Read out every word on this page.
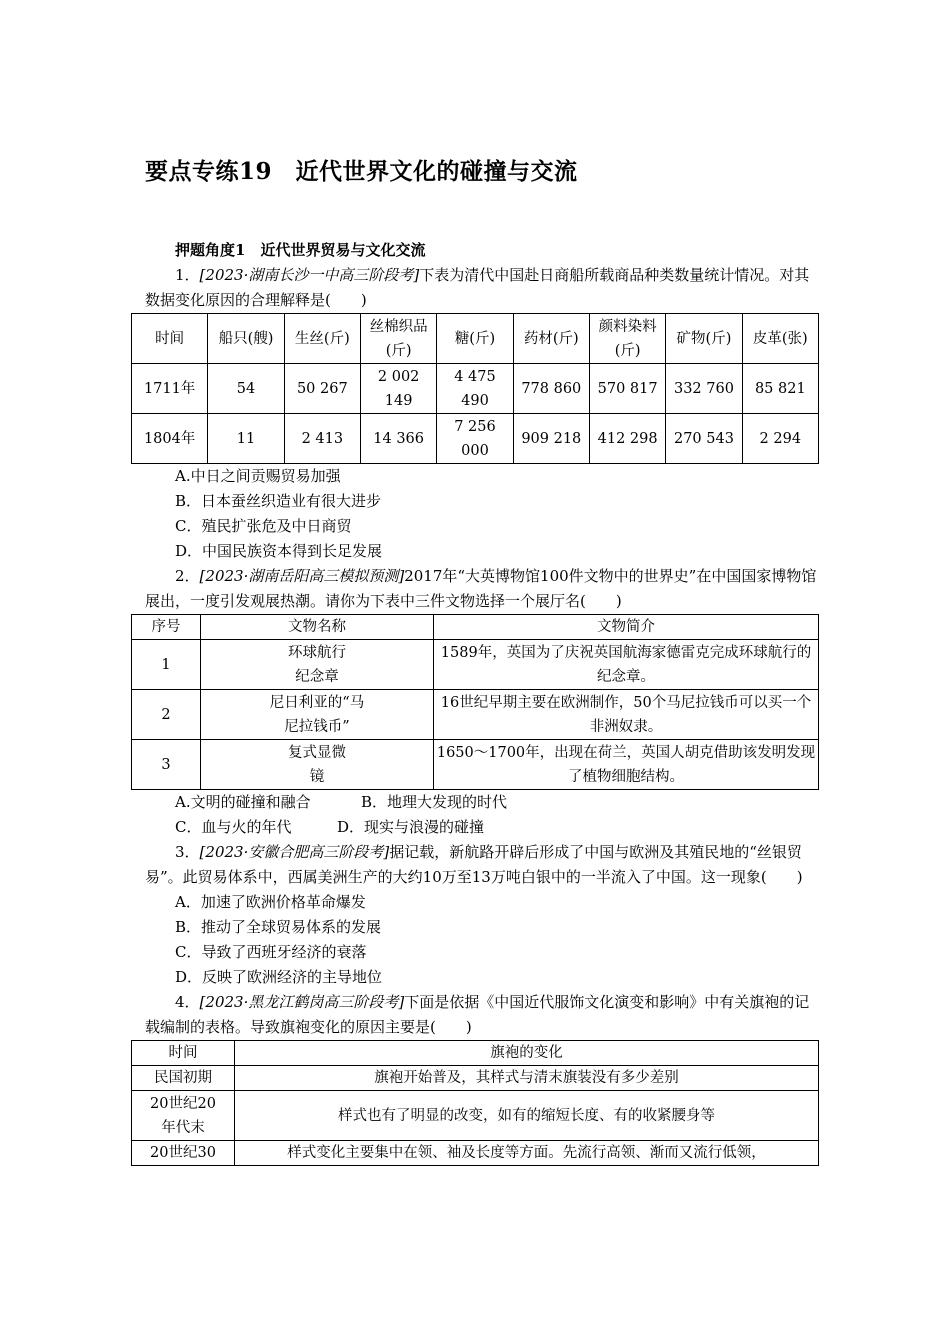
要点专练19　近代世界文化的碰撞与交流
押题角度1　近代世界贸易与文化交流

1．[2023·湖南长沙一中高三阶段考]下表为清代中国赴日商船所载商品种类数量统计情况。对其数据变化原因的合理解释是(　　)

时间	船只(艘)	生丝(斤)	丝棉织品(斤)	糖(斤)	药材(斤)	颜料染料(斤)	矿物(斤)	皮革(张)
1711年	54	50 267	2 002 149	4 475 490	778 860	570 817	332 760	85 821
1804年	11	2 413	14 366	7 256 000	909 218	412 298	270 543	2 294

A.中日之间贡赐贸易加强

B．日本蚕丝织造业有很大进步

C．殖民扩张危及中日商贸

D．中国民族资本得到长足发展

2．[2023·湖南岳阳高三模拟预测]2017年“大英博物馆100件文物中的世界史”在中国国家博物馆展出，一度引发观展热潮。请你为下表中三件文物选择一个展厅名(　　)

序号	文物名称	文物简介
1	环球航行纪念章	1589年，英国为了庆祝英国航海家德雷克完成环球航行的纪念章。
2	尼日利亚的“马尼拉钱币”	16世纪早期主要在欧洲制作，50个马尼拉钱币可以买一个非洲奴隶。
3	复式显微镜	1650～1700年，出现在荷兰，英国人胡克借助该发明发现了植物细胞结构。

A.文明的碰撞和融合	B．地理大发现的时代

C．血与火的年代	D．现实与浪漫的碰撞

3．[2023·安徽合肥高三阶段考]据记载，新航路开辟后形成了中国与欧洲及其殖民地的“丝银贸易”。此贸易体系中，西属美洲生产的大约10万至13万吨白银中的一半流入了中国。这一现象(　　)

A．加速了欧洲价格革命爆发

B．推动了全球贸易体系的发展

C．导致了西班牙经济的衰落

D．反映了欧洲经济的主导地位

4．[2023·黑龙江鹤岗高三阶段考]下面是依据《中国近代服饰文化演变和影响》中有关旗袍的记载编制的表格。导致旗袍变化的原因主要是(　　)

时间	旗袍的变化
民国初期	旗袍开始普及，其样式与清末旗装没有多少差别
20世纪20年代末	样式也有了明显的改变，如有的缩短长度、有的收紧腰身等
20世纪30	样式变化主要集中在领、袖及长度等方面。先流行高领、渐而又流行低领，
